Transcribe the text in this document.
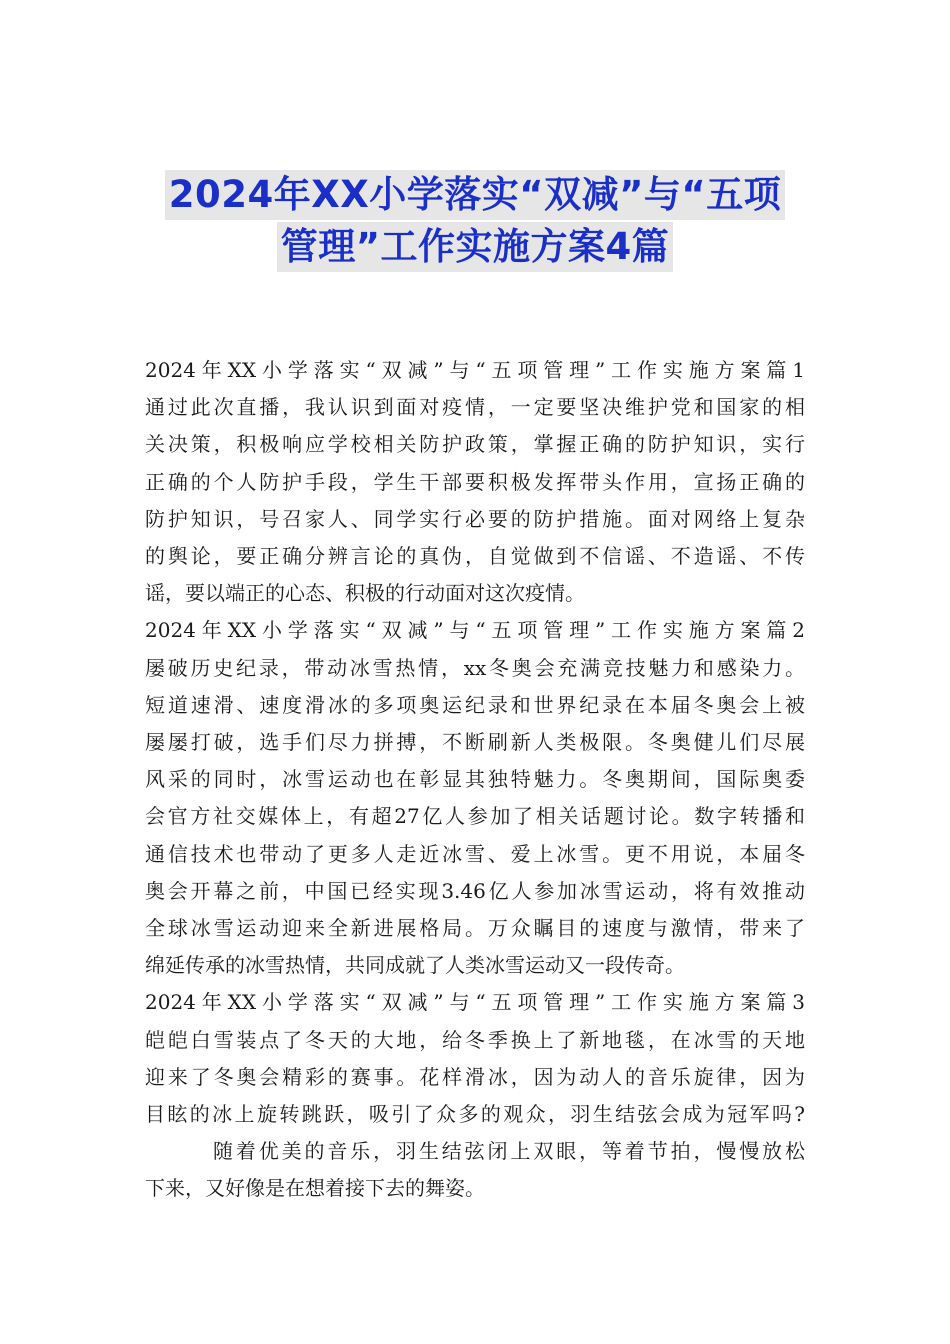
2024年XX小学落实“双减”与“五项
管理”工作实施方案4篇
2024年XX小学落实“双减”与“五项管理”工作实施方案篇1
通过此次直播，我认识到面对疫情，一定要坚决维护党和国家的相
关决策，积极响应学校相关防护政策，掌握正确的防护知识，实行
正确的个人防护手段，学生干部要积极发挥带头作用，宣扬正确的
防护知识，号召家人、同学实行必要的防护措施。面对网络上复杂
的舆论，要正确分辨言论的真伪，自觉做到不信谣、不造谣、不传
谣，要以端正的心态、积极的行动面对这次疫情。
2024年XX小学落实“双减”与“五项管理”工作实施方案篇2
屡破历史纪录，带动冰雪热情，xx冬奥会充满竞技魅力和感染力。
短道速滑、速度滑冰的多项奥运纪录和世界纪录在本届冬奥会上被
屡屡打破，选手们尽力拼搏，不断刷新人类极限。冬奥健儿们尽展
风采的同时，冰雪运动也在彰显其独特魅力。冬奥期间，国际奥委
会官方社交媒体上，有超27亿人参加了相关话题讨论。数字转播和
通信技术也带动了更多人走近冰雪、爱上冰雪。更不用说，本届冬
奥会开幕之前，中国已经实现3.46亿人参加冰雪运动，将有效推动
全球冰雪运动迎来全新进展格局。万众瞩目的速度与激情，带来了
绵延传承的冰雪热情，共同成就了人类冰雪运动又一段传奇。
2024年XX小学落实“双减”与“五项管理”工作实施方案篇3
皑皑白雪装点了冬天的大地，给冬季换上了新地毯，在冰雪的天地
迎来了冬奥会精彩的赛事。花样滑冰，因为动人的音乐旋律，因为
目眩的冰上旋转跳跃，吸引了众多的观众，羽生结弦会成为冠军吗?
随着优美的音乐，羽生结弦闭上双眼，等着节拍，慢慢放松
下来，又好像是在想着接下去的舞姿。
